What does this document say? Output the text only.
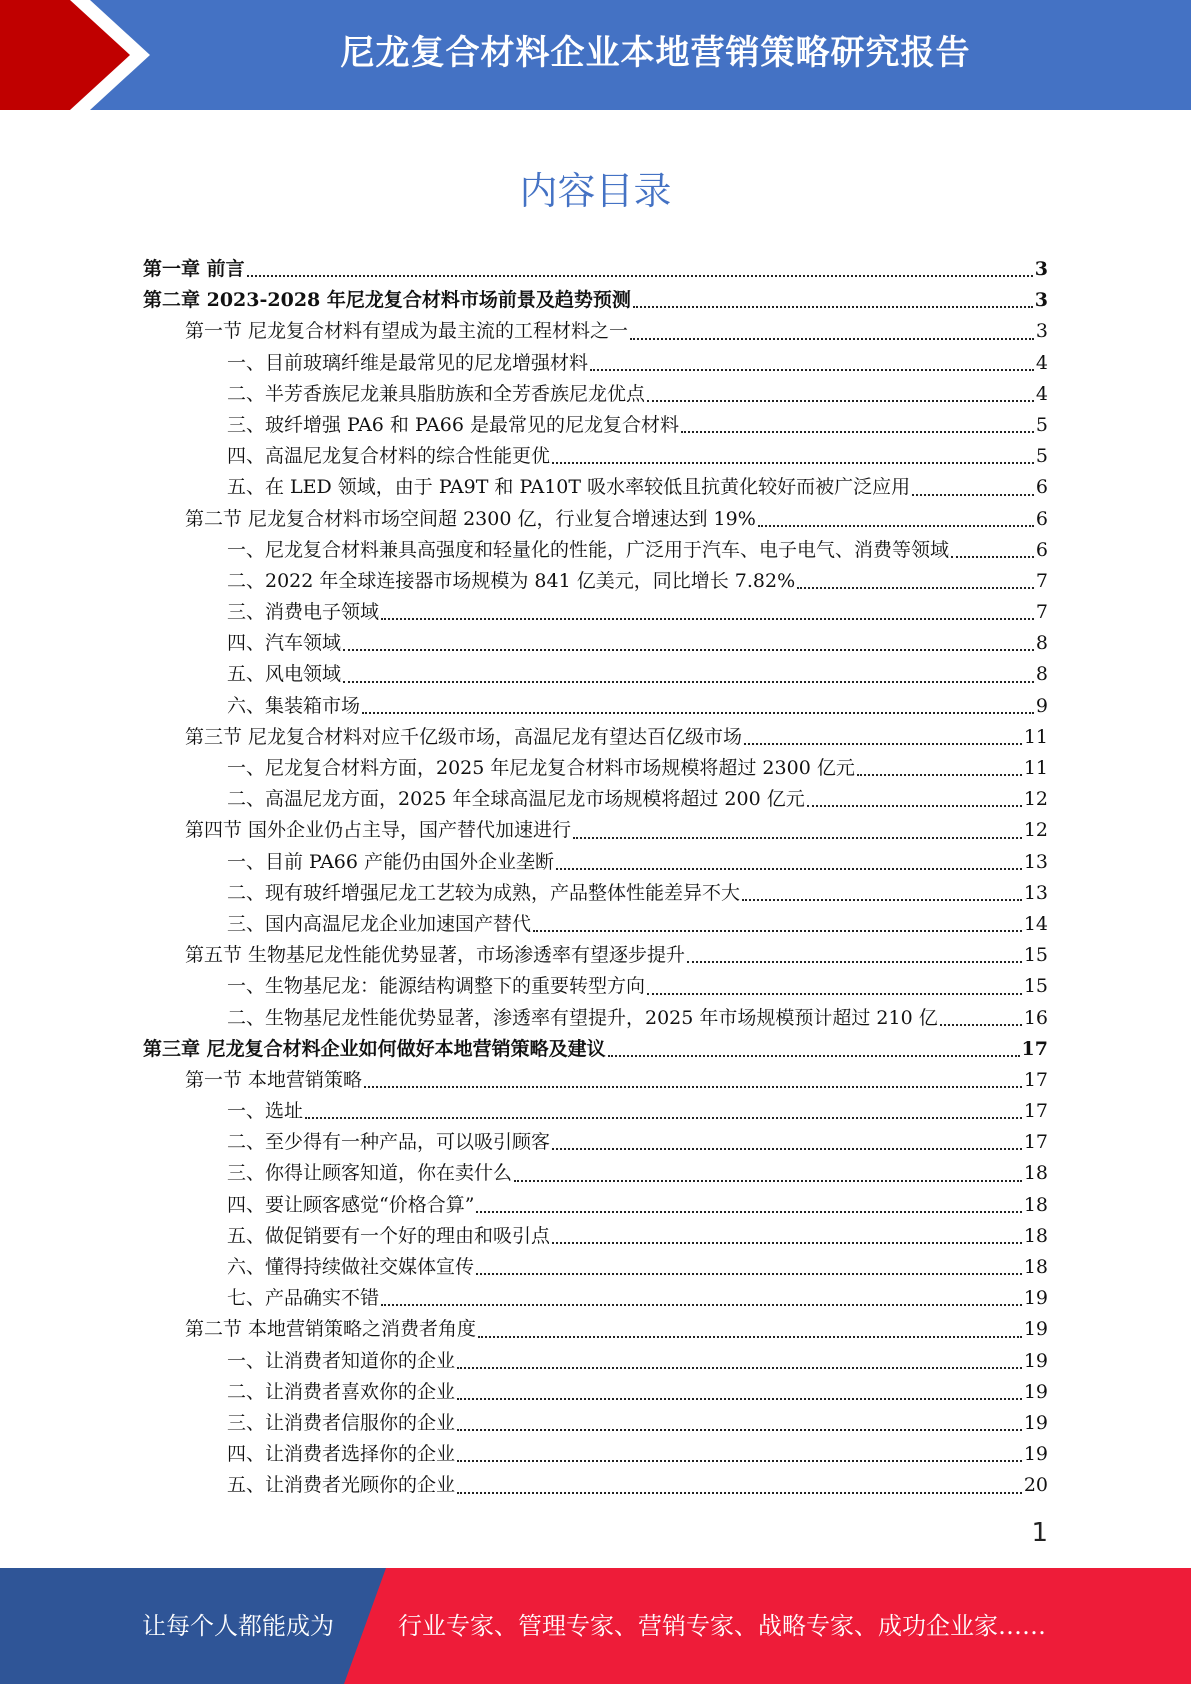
尼龙复合材料企业本地营销策略研究报告
内容目录
第一章 前言	3
第二章 2023-2028 年尼龙复合材料市场前景及趋势预测	3
第一节 尼龙复合材料有望成为最主流的工程材料之一	3
一、目前玻璃纤维是最常见的尼龙增强材料	4
二、半芳香族尼龙兼具脂肪族和全芳香族尼龙优点	4
三、玻纤增强 PA6 和 PA66 是最常见的尼龙复合材料	5
四、高温尼龙复合材料的综合性能更优	5
五、在 LED 领域，由于 PA9T 和 PA10T 吸水率较低且抗黄化较好而被广泛应用	6
第二节 尼龙复合材料市场空间超 2300 亿，行业复合增速达到 19%	6
一、尼龙复合材料兼具高强度和轻量化的性能，广泛用于汽车、电子电气、消费等领域	6
二、2022 年全球连接器市场规模为 841 亿美元，同比增长 7.82%	7
三、消费电子领域	7
四、汽车领域	8
五、风电领域	8
六、集装箱市场	9
第三节 尼龙复合材料对应千亿级市场，高温尼龙有望达百亿级市场	11
一、尼龙复合材料方面，2025 年尼龙复合材料市场规模将超过 2300 亿元	11
二、高温尼龙方面，2025 年全球高温尼龙市场规模将超过 200 亿元	12
第四节 国外企业仍占主导，国产替代加速进行	12
一、目前 PA66 产能仍由国外企业垄断	13
二、现有玻纤增强尼龙工艺较为成熟，产品整体性能差异不大	13
三、国内高温尼龙企业加速国产替代	14
第五节 生物基尼龙性能优势显著，市场渗透率有望逐步提升	15
一、生物基尼龙：能源结构调整下的重要转型方向	15
二、生物基尼龙性能优势显著，渗透率有望提升，2025 年市场规模预计超过 210 亿	16
第三章 尼龙复合材料企业如何做好本地营销策略及建议	17
第一节 本地营销策略	17
一、选址	17
二、至少得有一种产品，可以吸引顾客	17
三、你得让顾客知道，你在卖什么	18
四、要让顾客感觉“价格合算”	18
五、做促销要有一个好的理由和吸引点	18
六、懂得持续做社交媒体宣传	18
七、产品确实不错	19
第二节 本地营销策略之消费者角度	19
一、让消费者知道你的企业	19
二、让消费者喜欢你的企业	19
三、让消费者信服你的企业	19
四、让消费者选择你的企业	19
五、让消费者光顾你的企业	20
1
让每个人都能成为	行业专家、管理专家、营销专家、战略专家、成功企业家……
